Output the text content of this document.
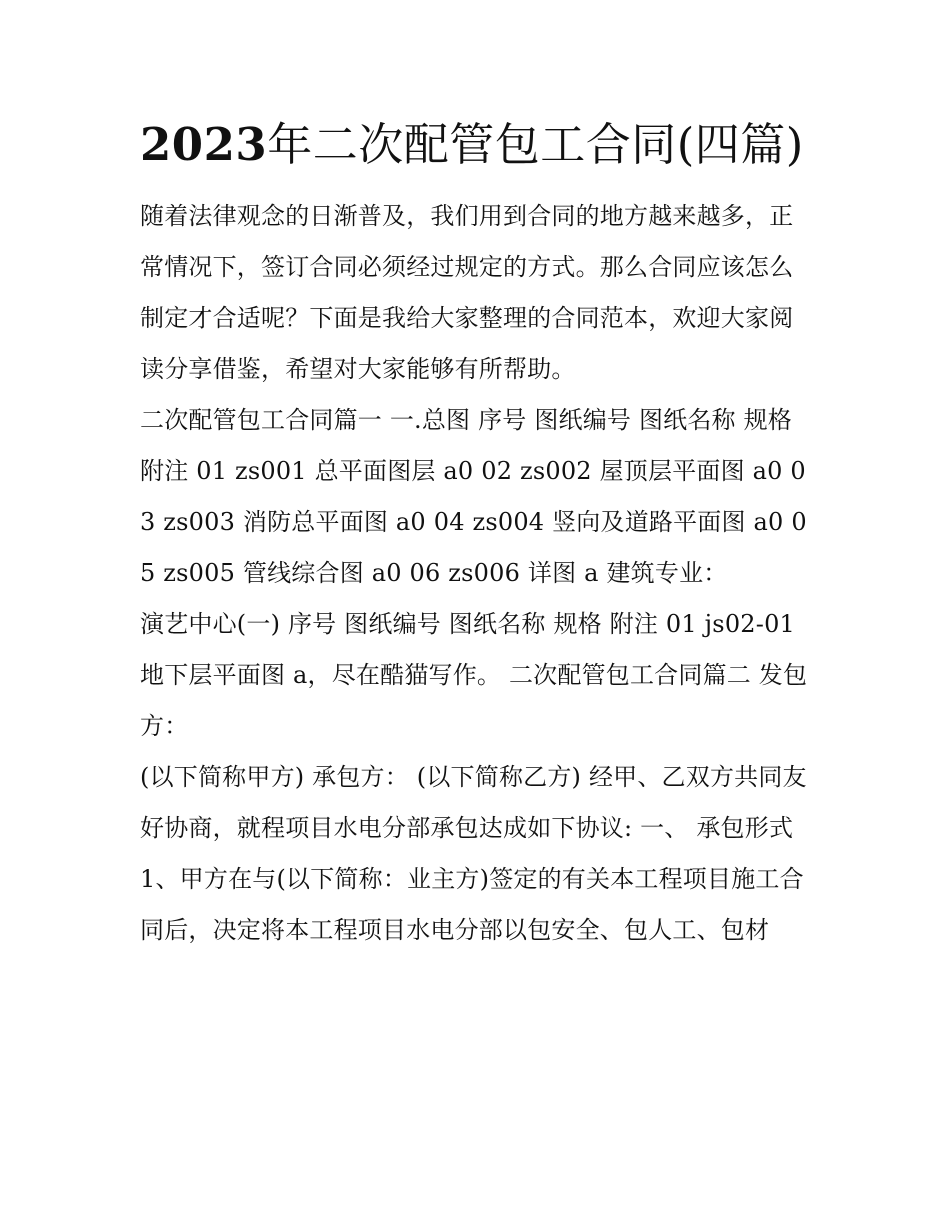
2023年二次配管包工合同(四篇)

随着法律观念的日渐普及，我们用到合同的地方越来越多，正常情况下，签订合同必须经过规定的方式。那么合同应该怎么制定才合适呢？下面是我给大家整理的合同范本，欢迎大家阅读分享借鉴，希望对大家能够有所帮助。

二次配管包工合同篇一 一.总图 序号 图纸编号 图纸名称 规格 附注 01 zs001 总平面图层 a0 02 zs002 屋顶层平面图 a0 03 zs003 消防总平面图 a0 04 zs004 竖向及道路平面图 a0 05 zs005 管线综合图 a0 06 zs006 详图 a 建筑专业：

演艺中心(一) 序号 图纸编号 图纸名称 规格 附注 01 js02-01 地下层平面图 a，尽在酷猫写作。 二次配管包工合同篇二 发包方：

(以下简称甲方) 承包方： (以下简称乙方) 经甲、乙双方共同友好协商，就程项目水电分部承包达成如下协议: 一、 承包形式

1、甲方在与(以下简称：业主方)签定的有关本工程项目施工合同后，决定将本工程项目水电分部以包安全、包人工、包材
